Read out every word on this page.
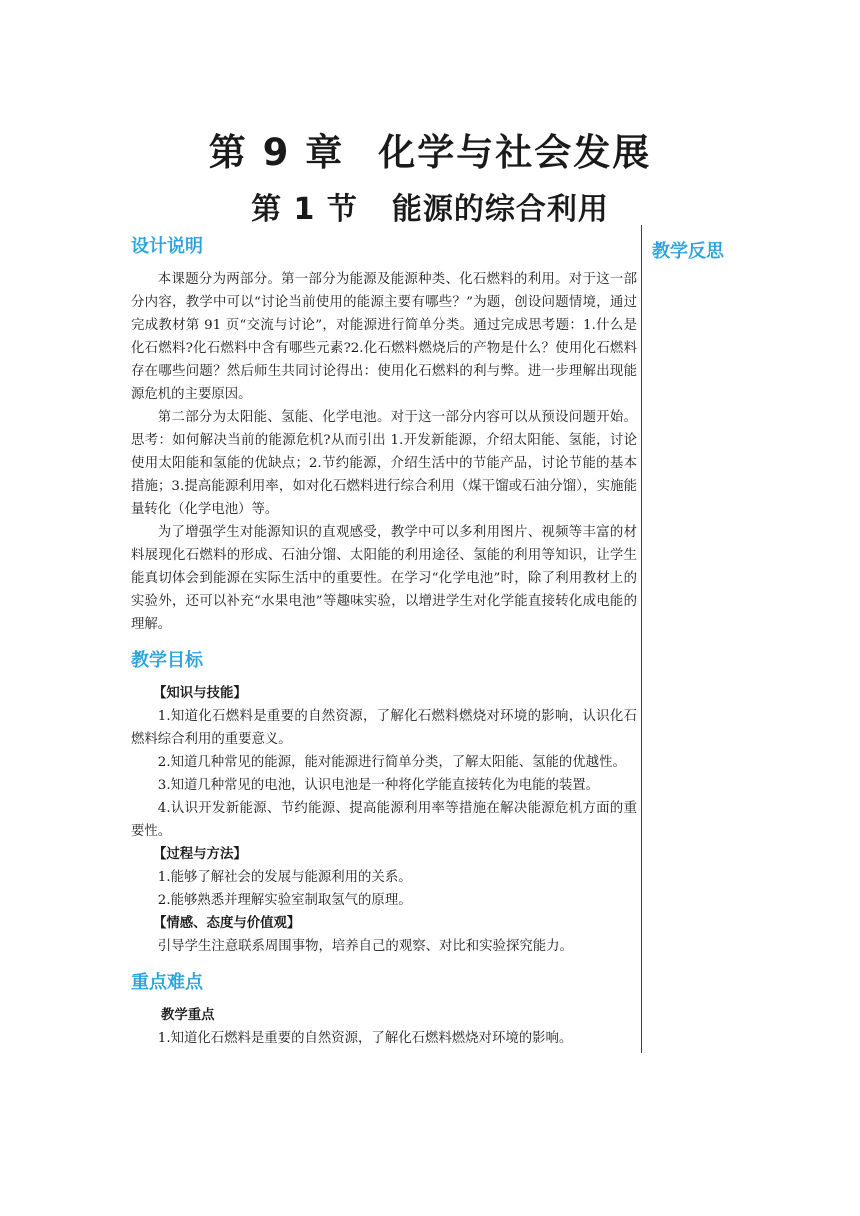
第 9 章 化学与社会发展
第 1 节 能源的综合利用
教学反思
设计说明

本课题分为两部分。第一部分为能源及能源种类、化石燃料的利用。对于这一部分内容，教学中可以“讨论当前使用的能源主要有哪些？”为题，创设问题情境，通过完成教材第 91 页“交流与讨论”，对能源进行简单分类。通过完成思考题：1.什么是化石燃料?化石燃料中含有哪些元素?2.化石燃料燃烧后的产物是什么？使用化石燃料存在哪些问题？然后师生共同讨论得出：使用化石燃料的利与弊。进一步理解出现能源危机的主要原因。

第二部分为太阳能、氢能、化学电池。对于这一部分内容可以从预设问题开始。思考：如何解决当前的能源危机?从而引出 1.开发新能源，介绍太阳能、氢能，讨论使用太阳能和氢能的优缺点；2.节约能源，介绍生活中的节能产品，讨论节能的基本措施；3.提高能源利用率，如对化石燃料进行综合利用（煤干馏或石油分馏），实施能量转化（化学电池）等。

为了增强学生对能源知识的直观感受，教学中可以多利用图片、视频等丰富的材料展现化石燃料的形成、石油分馏、太阳能的利用途径、氢能的利用等知识，让学生能真切体会到能源在实际生活中的重要性。在学习“化学电池”时，除了利用教材上的实验外，还可以补充“水果电池”等趣味实验，以增进学生对化学能直接转化成电能的理解。

教学目标

【知识与技能】

1.知道化石燃料是重要的自然资源，了解化石燃料燃烧对环境的影响，认识化石燃料综合利用的重要意义。

2.知道几种常见的能源，能对能源进行简单分类，了解太阳能、氢能的优越性。

3.知道几种常见的电池，认识电池是一种将化学能直接转化为电能的装置。

4.认识开发新能源、节约能源、提高能源利用率等措施在解决能源危机方面的重要性。

【过程与方法】

1.能够了解社会的发展与能源利用的关系。

2.能够熟悉并理解实验室制取氢气的原理。

【情感、态度与价值观】

引导学生注意联系周围事物，培养自己的观察、对比和实验探究能力。

重点难点

教学重点

1.知道化石燃料是重要的自然资源，了解化石燃料燃烧对环境的影响。
